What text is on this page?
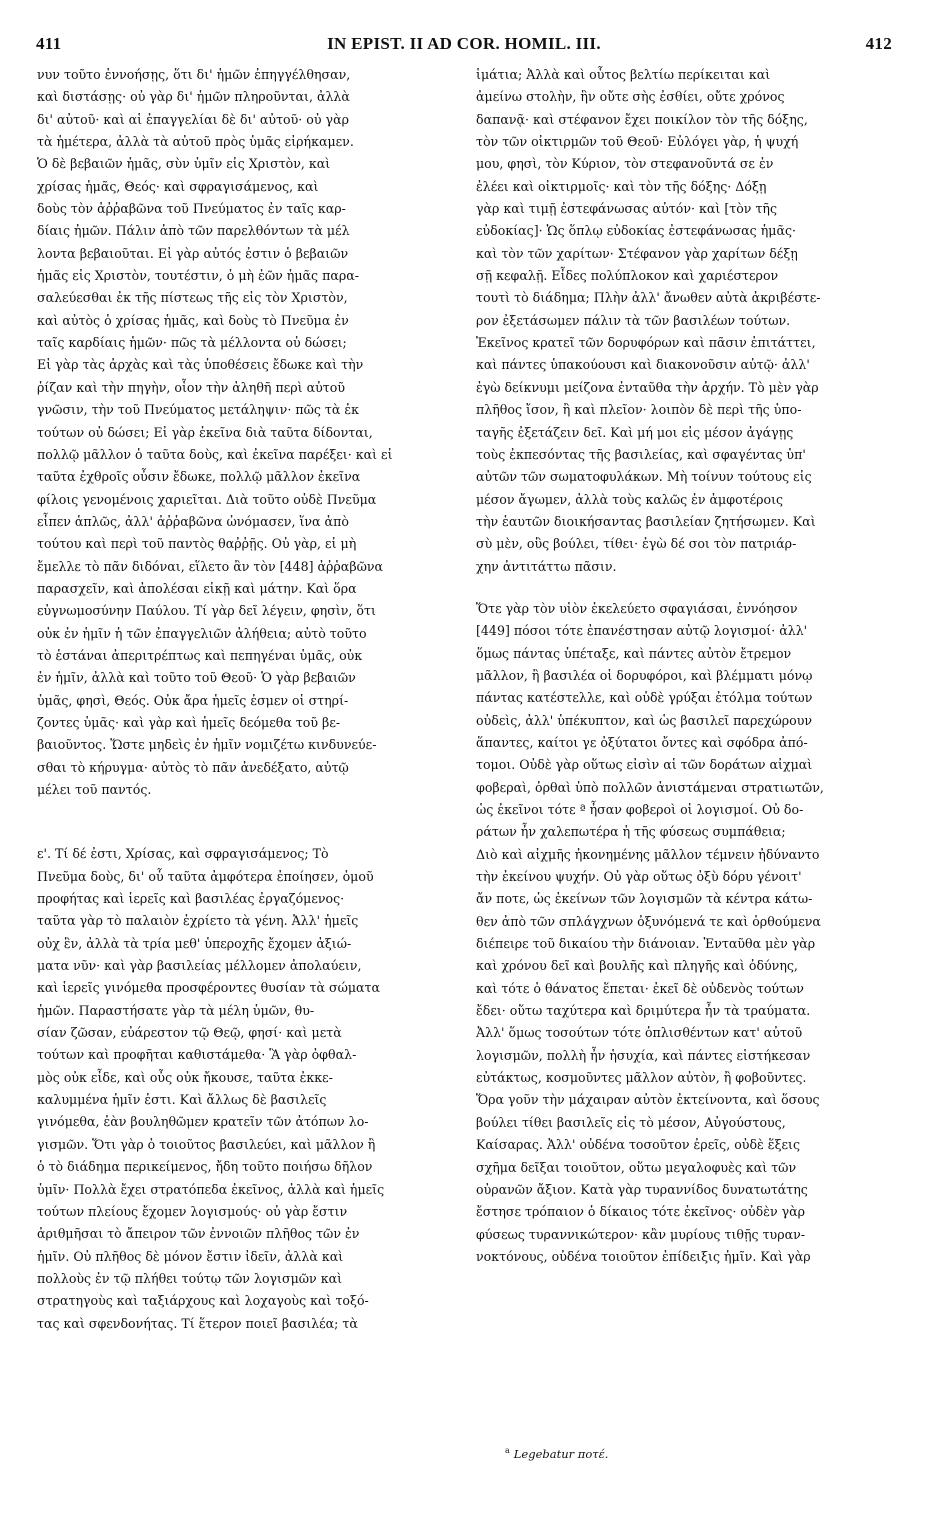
411	IN EPIST. II AD COR. HOMIL. III.	412
νυν τοῦτο ἐννοήσῃς, ὅτι δι' ἡμῶν ἐπηγγέλθησαν,
καὶ διστάσῃς· οὐ γὰρ δι' ἡμῶν πληροῦνται, ἀλλὰ
δι' αὐτοῦ· καὶ αἱ ἐπαγγελίαι δὲ δι' αὐτοῦ· οὐ γὰρ
τὰ ἡμέτερα, ἀλλὰ τὰ αὐτοῦ πρὸς ὑμᾶς εἰρήκαμεν.
Ὁ δὲ βεβαιῶν ἡμᾶς, σὺν ὑμῖν εἰς Χριστὸν, καὶ
χρίσας ἡμᾶς, Θεός· καὶ σφραγισάμενος, καὶ
δοὺς τὸν ἀῤῥαβῶνα τοῦ Πνεύματος ἐν ταῖς καρ-
δίαις ἡμῶν. Πάλιν ἀπὸ τῶν παρελθόντων τὰ μέλ
λοντα βεβαιοῦται. Εἰ γὰρ αὐτός ἐστιν ὁ βεβαιῶν
ἡμᾶς εἰς Χριστὸν, τουτέστιν, ὁ μὴ ἐῶν ἡμᾶς παρα-
σαλεύεσθαι ἐκ τῆς πίστεως τῆς εἰς τὸν Χριστὸν,
καὶ αὐτὸς ὁ χρίσας ἡμᾶς, καὶ δοὺς τὸ Πνεῦμα ἐν
ταῖς καρδίαις ἡμῶν· πῶς τὰ μέλλοντα οὐ δώσει;
Εἰ γὰρ τὰς ἀρχὰς καὶ τὰς ὑποθέσεις ἔδωκε καὶ τὴν
ῥίζαν καὶ τὴν πηγὴν, οἷον τὴν ἀληθῆ περὶ αὐτοῦ
γνῶσιν, τὴν τοῦ Πνεύματος μετάληψιν· πῶς τὰ ἐκ
τούτων οὐ δώσει; Εἰ γὰρ ἐκεῖνα διὰ ταῦτα δίδονται,
πολλῷ μᾶλλον ὁ ταῦτα δοὺς, καὶ ἐκεῖνα παρέξει· καὶ εἰ
ταῦτα ἐχθροῖς οὖσιν ἔδωκε, πολλῷ μᾶλλον ἐκεῖνα
φίλοις γενομένοις χαριεῖται. Διὰ τοῦτο οὐδὲ Πνεῦμα
εἶπεν ἁπλῶς, ἀλλ' ἀῤῥαβῶνα ὠνόμασεν, ἵνα ἀπὸ
τούτου καὶ περὶ τοῦ παντὸς θαῤῥῇς. Οὐ γὰρ, εἰ μὴ
ἔμελλε τὸ πᾶν διδόναι, εἵλετο ἂν τὸν [448] ἀῤῥαβῶνα
παρασχεῖν, καὶ ἀπολέσαι εἰκῇ καὶ μάτην. Καὶ ὅρα
εὐγνωμοσύνην Παύλου. Τί γὰρ δεῖ λέγειν, φησὶν, ὅτι
οὐκ ἐν ἡμῖν ἡ τῶν ἐπαγγελιῶν ἀλήθεια; αὐτὸ τοῦτο
τὸ ἑστάναι ἀπεριτρέπτως καὶ πεπηγέναι ὑμᾶς, οὐκ
ἐν ἡμῖν, ἀλλὰ καὶ τοῦτο τοῦ Θεοῦ· Ὁ γὰρ βεβαιῶν
ὑμᾶς, φησὶ, Θεός. Οὐκ ἄρα ἡμεῖς ἐσμεν οἱ στηρί-
ζοντες ὑμᾶς· καὶ γὰρ καὶ ἡμεῖς δεόμεθα τοῦ βε-
βαιοῦντος. Ὥστε μηδεὶς ἐν ἡμῖν νομιζέτω κινδυνεύε-
σθαι τὸ κήρυγμα· αὐτὸς τὸ πᾶν ἀνεδέξατο, αὐτῷ
μέλει τοῦ παντός.
ε'. Τί δέ ἐστι, Χρίσας, καὶ σφραγισάμενος; Τὸ
Πνεῦμα δοὺς, δι' οὗ ταῦτα ἀμφότερα ἐποίησεν, ὁμοῦ
προφήτας καὶ ἱερεῖς καὶ βασιλέας ἐργαζόμενος·
ταῦτα γὰρ τὸ παλαιὸν ἐχρίετο τὰ γένη. Ἀλλ' ἡμεῖς
οὐχ ἓν, ἀλλὰ τὰ τρία μεθ' ὑπεροχῆς ἔχομεν ἀξιώ-
ματα νῦν· καὶ γὰρ βασιλείας μέλλομεν ἀπολαύειν,
καὶ ἱερεῖς γινόμεθα προσφέροντες θυσίαν τὰ σώματα
ἡμῶν. Παραστήσατε γὰρ τὰ μέλη ὑμῶν, θυ-
σίαν ζῶσαν, εὐάρεστον τῷ Θεῷ, φησί· καὶ μετὰ
τούτων καὶ προφῆται καθιστάμεθα· Ἃ γὰρ ὀφθαλ-
μὸς οὐκ εἶδε, καὶ οὖς οὐκ ἤκουσε, ταῦτα ἐκκε-
καλυμμένα ἡμῖν ἐστι. Καὶ ἄλλως δὲ βασιλεῖς
γινόμεθα, ἐὰν βουληθῶμεν κρατεῖν τῶν ἀτόπων λο-
γισμῶν. Ὅτι γὰρ ὁ τοιοῦτος βασιλεύει, καὶ μᾶλλον ἢ
ὁ τὸ διάδημα περικείμενος, ἤδη τοῦτο ποιήσω δῆλον
ὑμῖν· Πολλὰ ἔχει στρατόπεδα ἐκεῖνος, ἀλλὰ καὶ ἡμεῖς
τούτων πλείους ἔχομεν λογισμούς· οὐ γὰρ ἔστιν
ἀριθμῆσαι τὸ ἄπειρον τῶν ἐννοιῶν πλῆθος τῶν ἐν
ἡμῖν. Οὐ πλῆθος δὲ μόνον ἔστιν ἰδεῖν, ἀλλὰ καὶ
πολλοὺς ἐν τῷ πλήθει τούτῳ τῶν λογισμῶν καὶ
στρατηγοὺς καὶ ταξιάρχους καὶ λοχαγοὺς καὶ τοξό-
τας καὶ σφενδονήτας. Τί ἕτερον ποιεῖ βασιλέα; τὰ
ἱμάτια; Ἀλλὰ καὶ οὗτος βελτίω περίκειται καὶ
ἀμείνω στολὴν, ἣν οὔτε σὴς ἐσθίει, οὔτε χρόνος
δαπανᾷ· καὶ στέφανον ἔχει ποικίλον τὸν τῆς δόξης,
τὸν τῶν οἰκτιρμῶν τοῦ Θεοῦ· Εὐλόγει γὰρ, ἡ ψυχή
μου, φησὶ, τὸν Κύριον, τὸν στεφανοῦντά σε ἐν
ἐλέει καὶ οἰκτιρμοῖς· καὶ τὸν τῆς δόξης· Δόξῃ
γὰρ καὶ τιμῇ ἐστεφάνωσας αὐτόν· καὶ [τὸν τῆς
εὐδοκίας]· Ὡς ὅπλῳ εὐδοκίας ἐστεφάνωσας ἡμᾶς·
καὶ τὸν τῶν χαρίτων· Στέφανον γὰρ χαρίτων δέξῃ
σῇ κεφαλῇ. Εἶδες πολύπλοκον καὶ χαριέστερον
τουτὶ τὸ διάδημα; Πλὴν ἀλλ' ἄνωθεν αὐτὰ ἀκριβέστε-
ρον ἐξετάσωμεν πάλιν τὰ τῶν βασιλέων τούτων.
Ἐκεῖνος κρατεῖ τῶν δορυφόρων καὶ πᾶσιν ἐπιτάττει,
καὶ πάντες ὑπακούουσι καὶ διακονοῦσιν αὐτῷ· ἀλλ'
ἐγὼ δείκνυμι μείζονα ἐνταῦθα τὴν ἀρχήν. Τὸ μὲν γὰρ
πλῆθος ἴσον, ἢ καὶ πλεῖον· λοιπὸν δὲ περὶ τῆς ὑπο-
ταγῆς ἐξετάζειν δεῖ. Καὶ μή μοι εἰς μέσον ἀγάγῃς
τοὺς ἐκπεσόντας τῆς βασιλείας, καὶ σφαγέντας ὑπ'
αὐτῶν τῶν σωματοφυλάκων. Μὴ τοίνυν τούτους εἰς
μέσον ἄγωμεν, ἀλλὰ τοὺς καλῶς ἐν ἀμφοτέροις
τὴν ἑαυτῶν διοικήσαντας βασιλείαν ζητήσωμεν. Καὶ
σὺ μὲν, οὓς βούλει, τίθει· ἐγὼ δέ σοι τὸν πατριάρ-
χην ἀντιτάττω πᾶσιν.
Ὅτε γὰρ τὸν υἱὸν ἐκελεύετο σφαγιάσαι, ἐννόησον
[449] πόσοι τότε ἐπανέστησαν αὐτῷ λογισμοί· ἀλλ'
ὅμως πάντας ὑπέταξε, καὶ πάντες αὐτὸν ἔτρεμον
μᾶλλον, ἢ βασιλέα οἱ δορυφόροι, καὶ βλέμματι μόνῳ
πάντας κατέστελλε, καὶ οὐδὲ γρύξαι ἐτόλμα τούτων
οὐδεὶς, ἀλλ' ὑπέκυπτον, καὶ ὡς βασιλεῖ παρεχώρουν
ἅπαντες, καίτοι γε ὀξύτατοι ὄντες καὶ σφόδρα ἀπό-
τομοι. Οὐδὲ γὰρ οὕτως εἰσὶν αἱ τῶν δοράτων αἰχμαὶ
φοβεραὶ, ὀρθαὶ ὑπὸ πολλῶν ἀνιστάμεναι στρατιωτῶν,
ὡς ἐκεῖνοι τότε ª ἦσαν φοβεροὶ οἱ λογισμοί. Οὐ δο-
ράτων ἦν χαλεπωτέρα ἡ τῆς φύσεως συμπάθεια;
Διὸ καὶ αἰχμῆς ἠκονημένης μᾶλλον τέμνειν ἠδύναντο
τὴν ἐκείνου ψυχήν. Οὐ γὰρ οὕτως ὀξὺ δόρυ γένοιτ'
ἄν ποτε, ὡς ἐκείνων τῶν λογισμῶν τὰ κέντρα κάτω-
θεν ἀπὸ τῶν σπλάγχνων ὀξυνόμενά τε καὶ ὀρθούμενα
διέπειρε τοῦ δικαίου τὴν διάνοιαν. Ἐνταῦθα μὲν γὰρ
καὶ χρόνου δεῖ καὶ βουλῆς καὶ πληγῆς καὶ ὀδύνης,
καὶ τότε ὁ θάνατος ἕπεται· ἐκεῖ δὲ οὐδενὸς τούτων
ἔδει· οὕτω ταχύτερα καὶ δριμύτερα ἦν τὰ τραύματα.
Ἀλλ' ὅμως τοσούτων τότε ὁπλισθέντων κατ' αὐτοῦ
λογισμῶν, πολλὴ ἦν ἡσυχία, καὶ πάντες εἱστήκεσαν
εὐτάκτως, κοσμοῦντες μᾶλλον αὐτὸν, ἢ φοβοῦντες.
Ὅρα γοῦν τὴν μάχαιραν αὐτὸν ἐκτείνοντα, καὶ ὅσους
βούλει τίθει βασιλεῖς εἰς τὸ μέσον, Αὐγούστους,
Καίσαρας. Ἀλλ' οὐδένα τοσοῦτον ἐρεῖς, οὐδὲ ἕξεις
σχῆμα δεῖξαι τοιοῦτον, οὕτω μεγαλοφυὲς καὶ τῶν
οὐρανῶν ἄξιον. Κατὰ γὰρ τυραννίδος δυνατωτάτης
ἔστησε τρόπαιον ὁ δίκαιος τότε ἐκεῖνος· οὐδὲν γὰρ
φύσεως τυραννικώτερον· κἂν μυρίους τιθῇς τυραν-
νοκτόνους, οὐδένα τοιοῦτον ἐπίδειξις ἡμῖν. Καὶ γὰρ
$^a$ Legebatur ποτέ.
